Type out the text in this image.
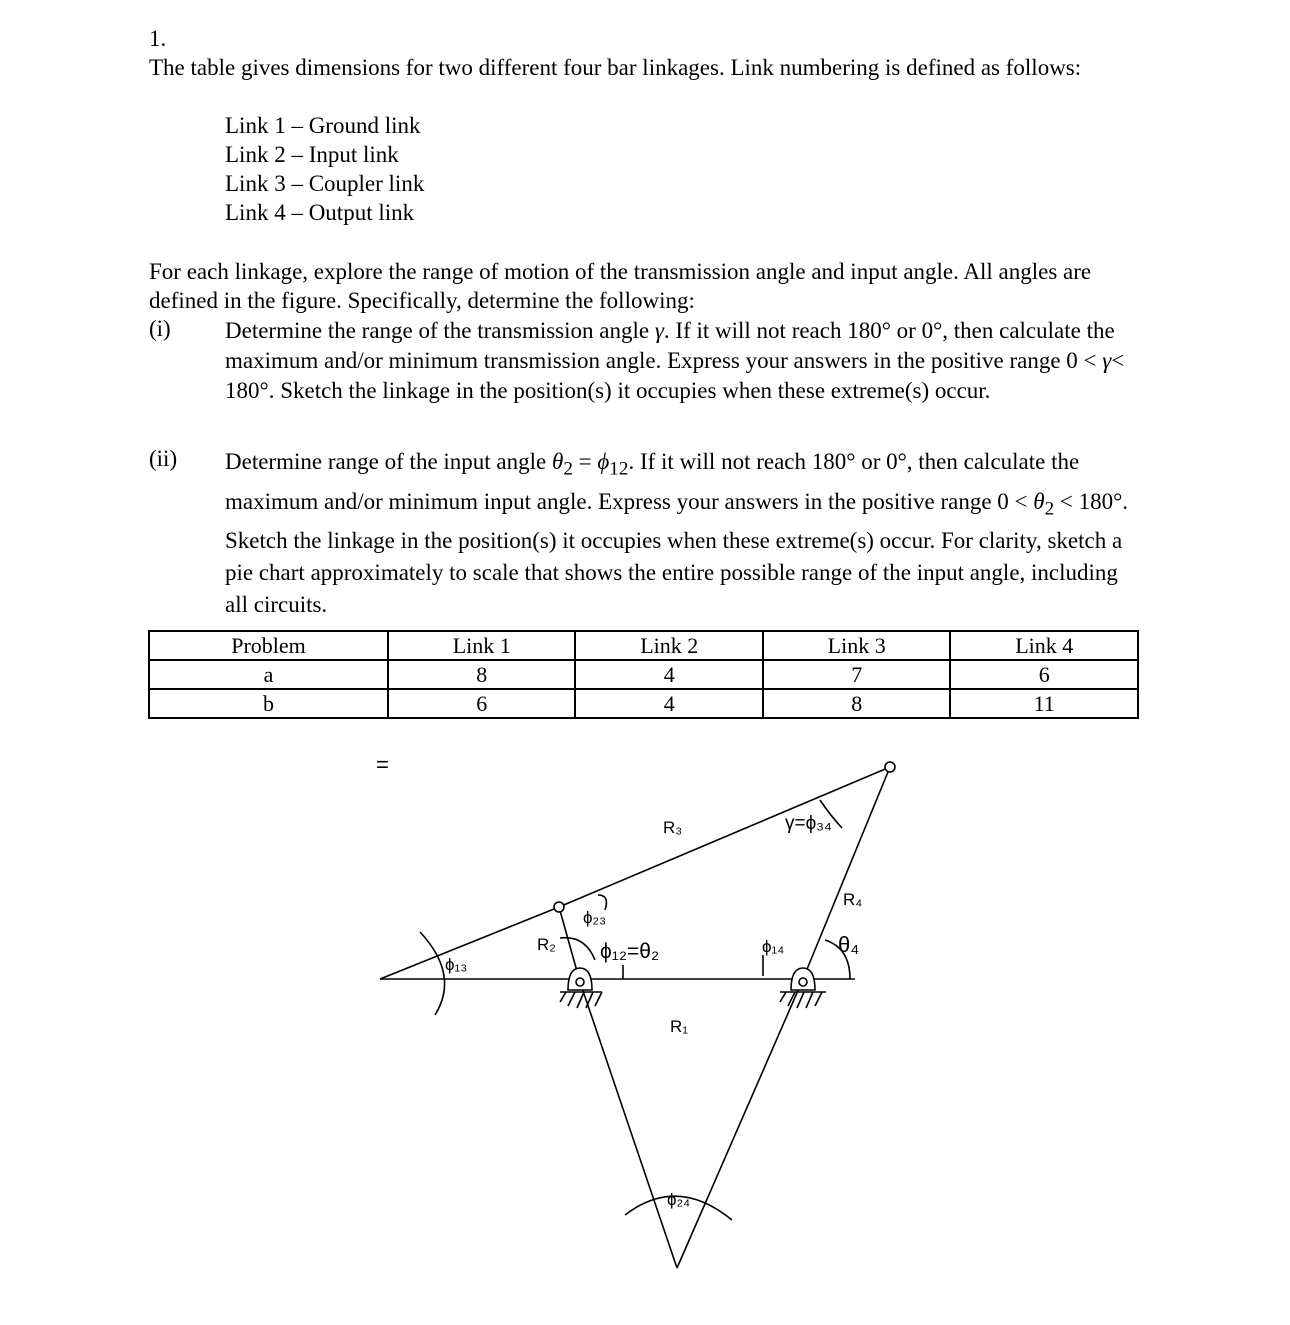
1.

The table gives dimensions for two different four bar linkages. Link numbering is defined as follows:

Link 1 – Ground link
Link 2 – Input link
Link 3 – Coupler link
Link 4 – Output link

For each linkage, explore the range of motion of the transmission angle and input angle. All angles are defined in the figure. Specifically, determine the following:

(i) Determine the range of the transmission angle γ. If it will not reach 180° or 0°, then calculate the maximum and/or minimum transmission angle. Express your answers in the positive range 0 < γ< 180°. Sketch the linkage in the position(s) it occupies when these extreme(s) occur.
(ii) Determine range of the input angle $\theta_2 = \phi_{12}$. If it will not reach 180° or 0°, then calculate the maximum and/or minimum input angle. Express your answers in the positive range $0 < \theta_2 < 180^\circ$. Sketch the linkage in the position(s) it occupies when these extreme(s) occur. For clarity, sketch a pie chart approximately to scale that shows the entire possible range of the input angle, including all circuits.
Problem	Link 1	Link 2	Link 3	Link 4
a	8	4	7	6
b	6	4	8	11
R₃
R₂
R₄
R₁
γ=ϕ₃₄
ϕ₂₃
ϕ₁₂=θ₂
ϕ₁₃
ϕ₁₄ θ₄
ϕ₂₄
=
